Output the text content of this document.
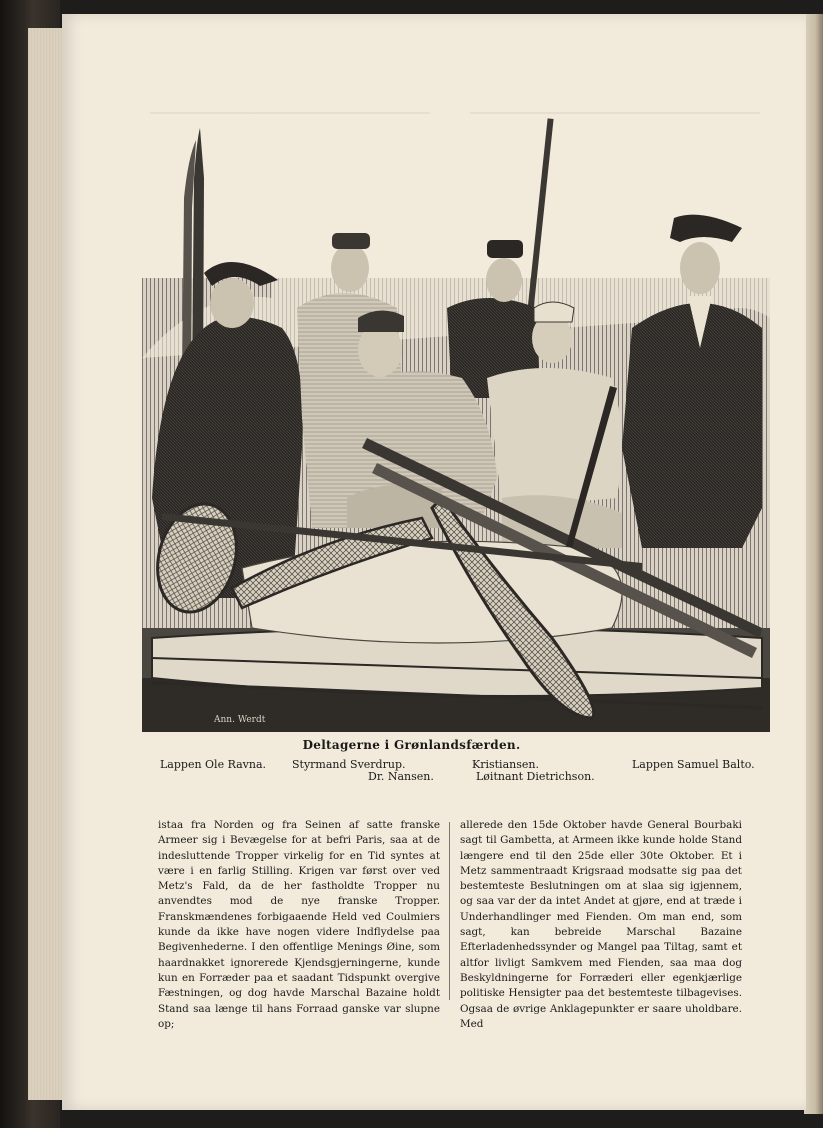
Ann. Werdt
Deltagerne i Grønlandsfærden.
Lappen Ole Ravna. Styrmand Sverdrup.
Dr. Nansen.
Kristiansen.
Løitnant Dietrichson.
Lappen Samuel Balto.

istaa fra Norden og fra Seinen af satte franske Armeer sig i Bevægelse for at befri Paris, saa at de indesluttende Tropper virkelig for en Tid syntes at være i en farlig Stilling. Krigen var først over ved Metz's Fald, da de her fastholdte Tropper nu anvendtes mod de nye franske Tropper. Franskmændenes forbigaaende Held ved Coulmiers kunde da ikke have nogen videre Indflydelse paa Begivenhederne. I den offentlige Menings Øine, som haardnakket ignorerede Kjendsgjerningerne, kunde kun en Forræder paa et saadant Tidspunkt overgive Fæstningen, og dog havde Marschal Bazaine holdt Stand saa længe til hans Forraad ganske var slupne op;

allerede den 15de Oktober havde General Bourbaki sagt til Gambetta, at Armeen ikke kunde holde Stand længere end til den 25de eller 30te Oktober. Et i Metz sammentraadt Krigsraad modsatte sig paa det bestemteste Beslutningen om at slaa sig igjennem, og saa var der da intet Andet at gjøre, end at træde i Underhandlinger med Fienden. Om man end, som sagt, kan bebreide Marschal Bazaine Efterladenhedssynder og Mangel paa Tiltag, samt et altfor livligt Samkvem med Fienden, saa maa dog Beskyldningerne for Forræderi eller egenkjærlige politiske Hensigter paa det bestemteste tilbagevises. Ogsaa de øvrige Anklagepunkter er saare uholdbare. Med
